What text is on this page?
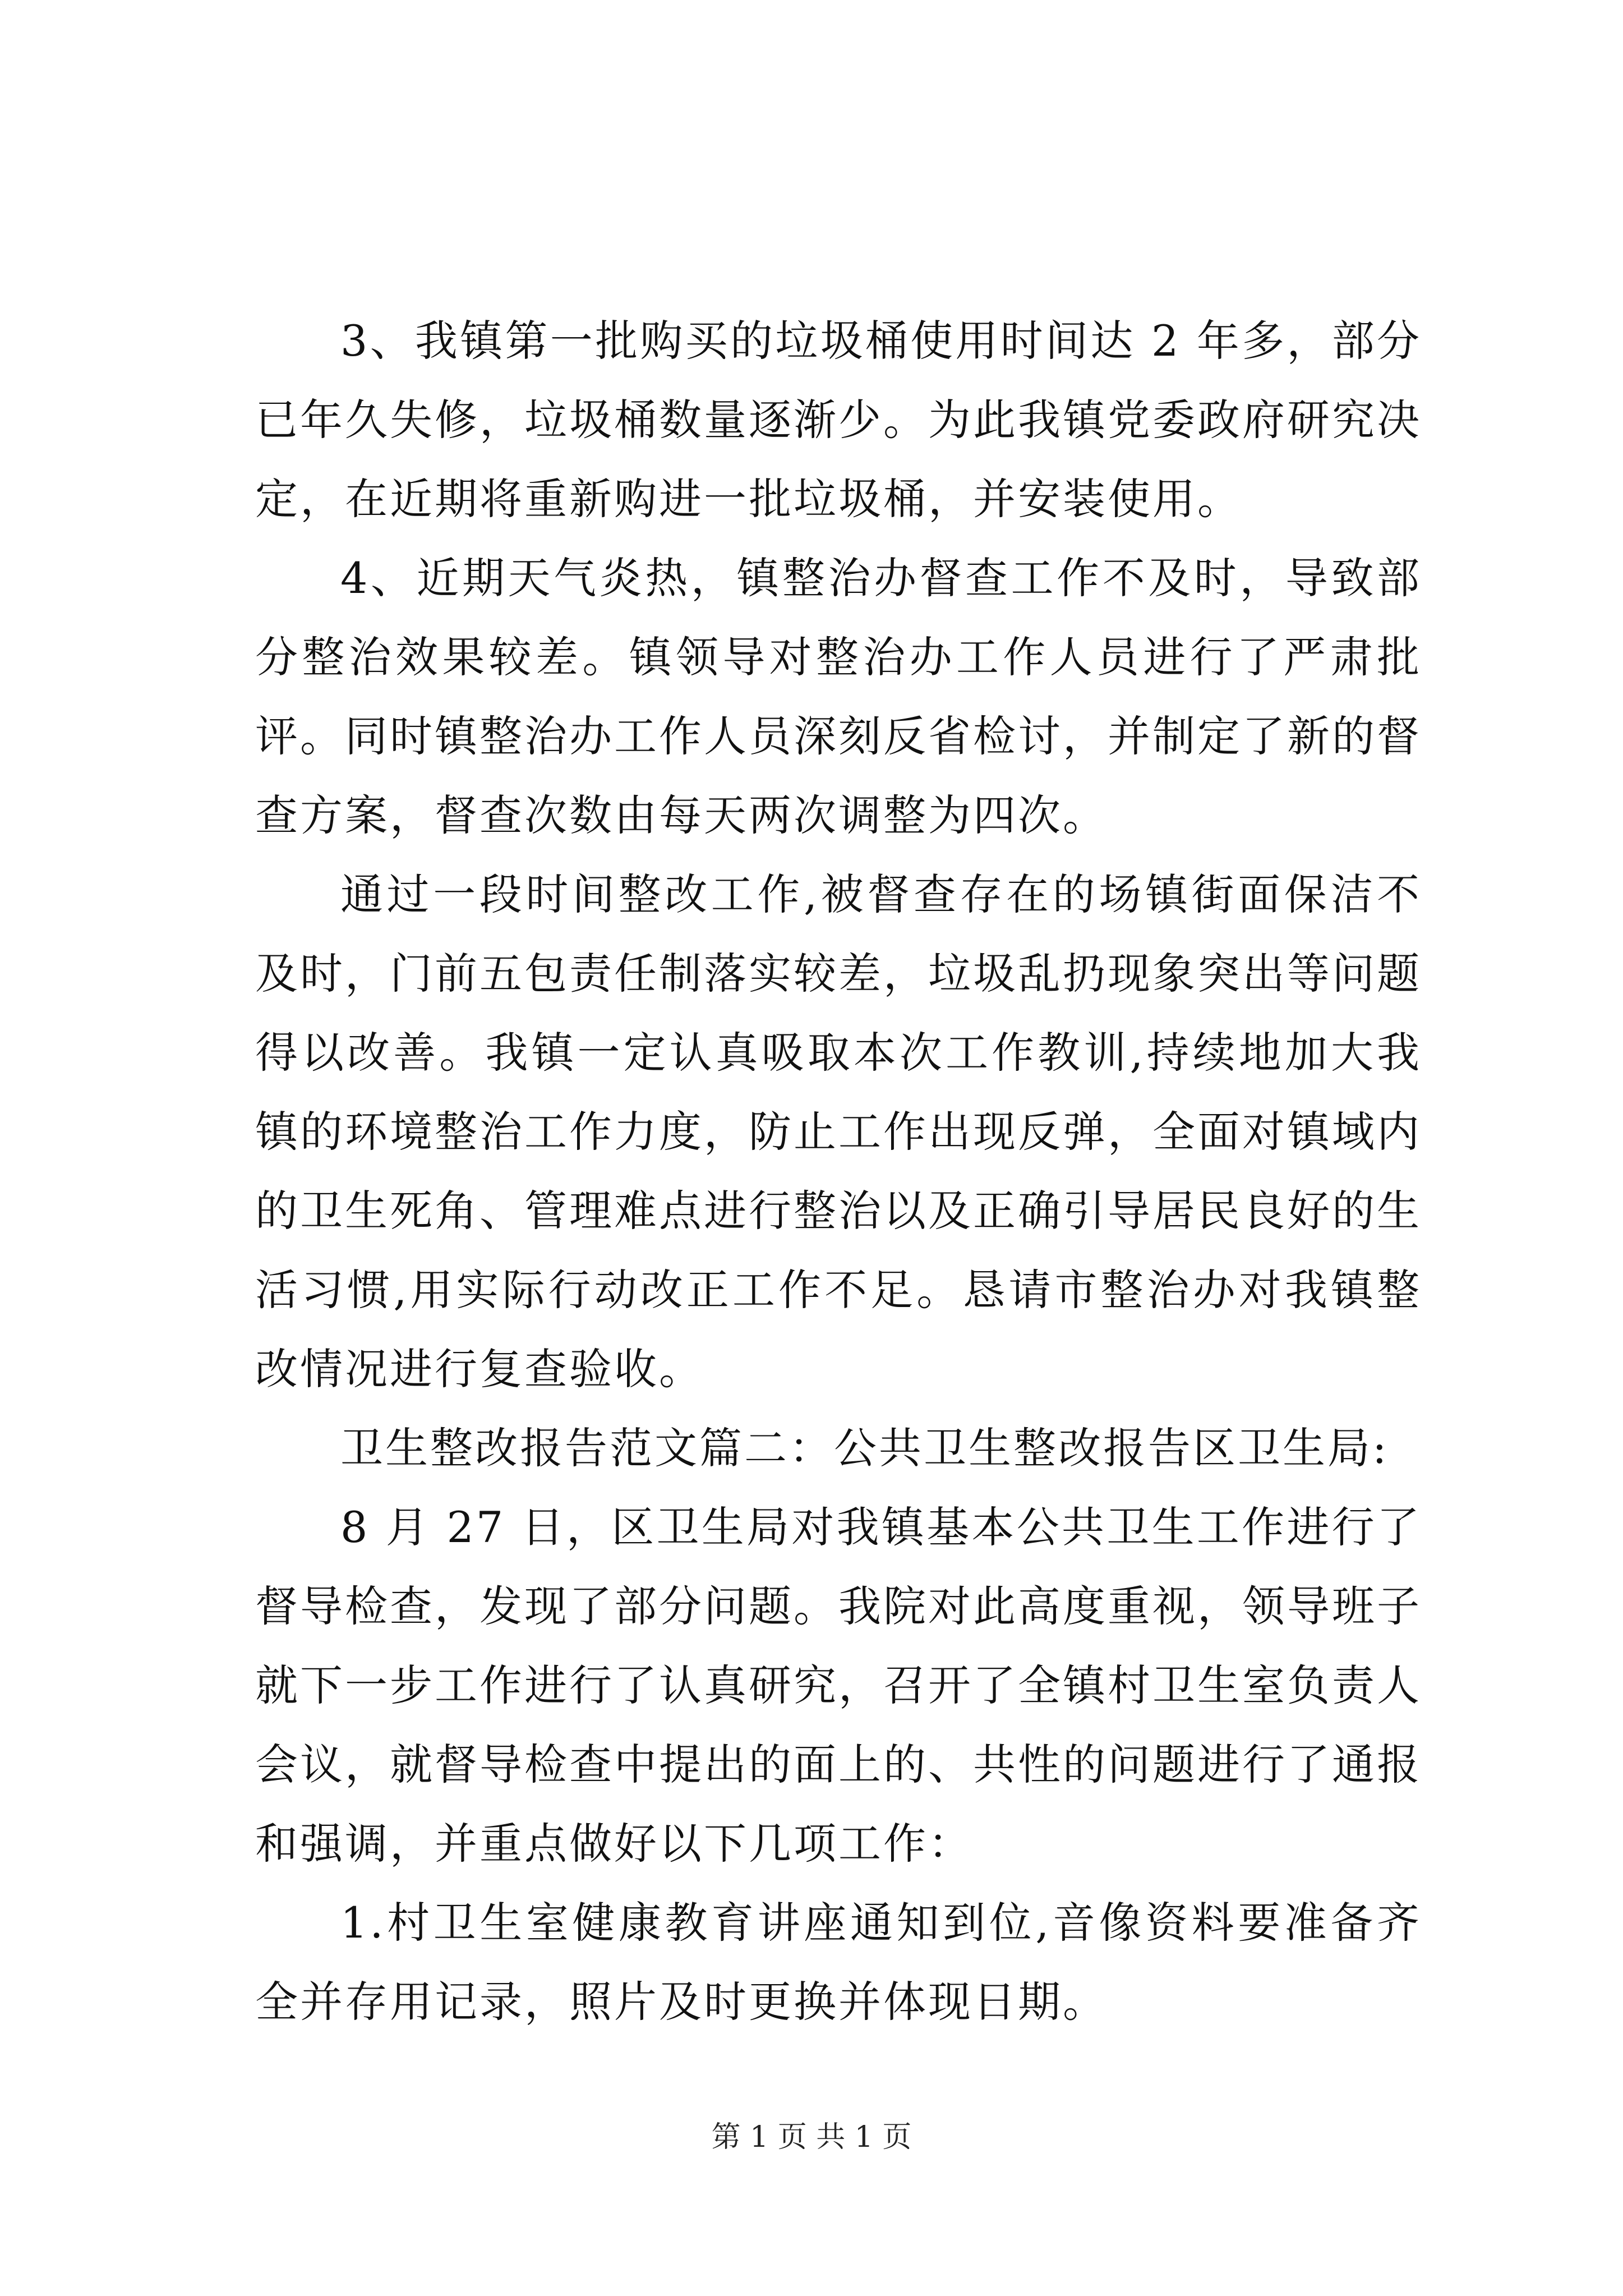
3、我镇第一批购买的垃圾桶使用时间达 2 年多，部分已年久失修，垃圾桶数量逐渐少。为此我镇党委政府研究决定，在近期将重新购进一批垃圾桶，并安装使用。

4、近期天气炎热，镇整治办督查工作不及时，导致部分整治效果较差。镇领导对整治办工作人员进行了严肃批评。同时镇整治办工作人员深刻反省检讨，并制定了新的督查方案，督查次数由每天两次调整为四次。

通过一段时间整改工作,被督查存在的场镇街面保洁不及时，门前五包责任制落实较差，垃圾乱扔现象突出等问题得以改善。我镇一定认真吸取本次工作教训,持续地加大我镇的环境整治工作力度，防止工作出现反弹，全面对镇域内的卫生死角、管理难点进行整治以及正确引导居民良好的生活习惯,用实际行动改正工作不足。恳请市整治办对我镇整改情况进行复查验收。

卫生整改报告范文篇二：公共卫生整改报告区卫生局:

8 月 27 日，区卫生局对我镇基本公共卫生工作进行了督导检查，发现了部分问题。我院对此高度重视，领导班子就下一步工作进行了认真研究，召开了全镇村卫生室负责人会议，就督导检查中提出的面上的、共性的问题进行了通报和强调，并重点做好以下几项工作：

1.村卫生室健康教育讲座通知到位,音像资料要准备齐全并存用记录，照片及时更换并体现日期。

第 1 页 共 1 页
